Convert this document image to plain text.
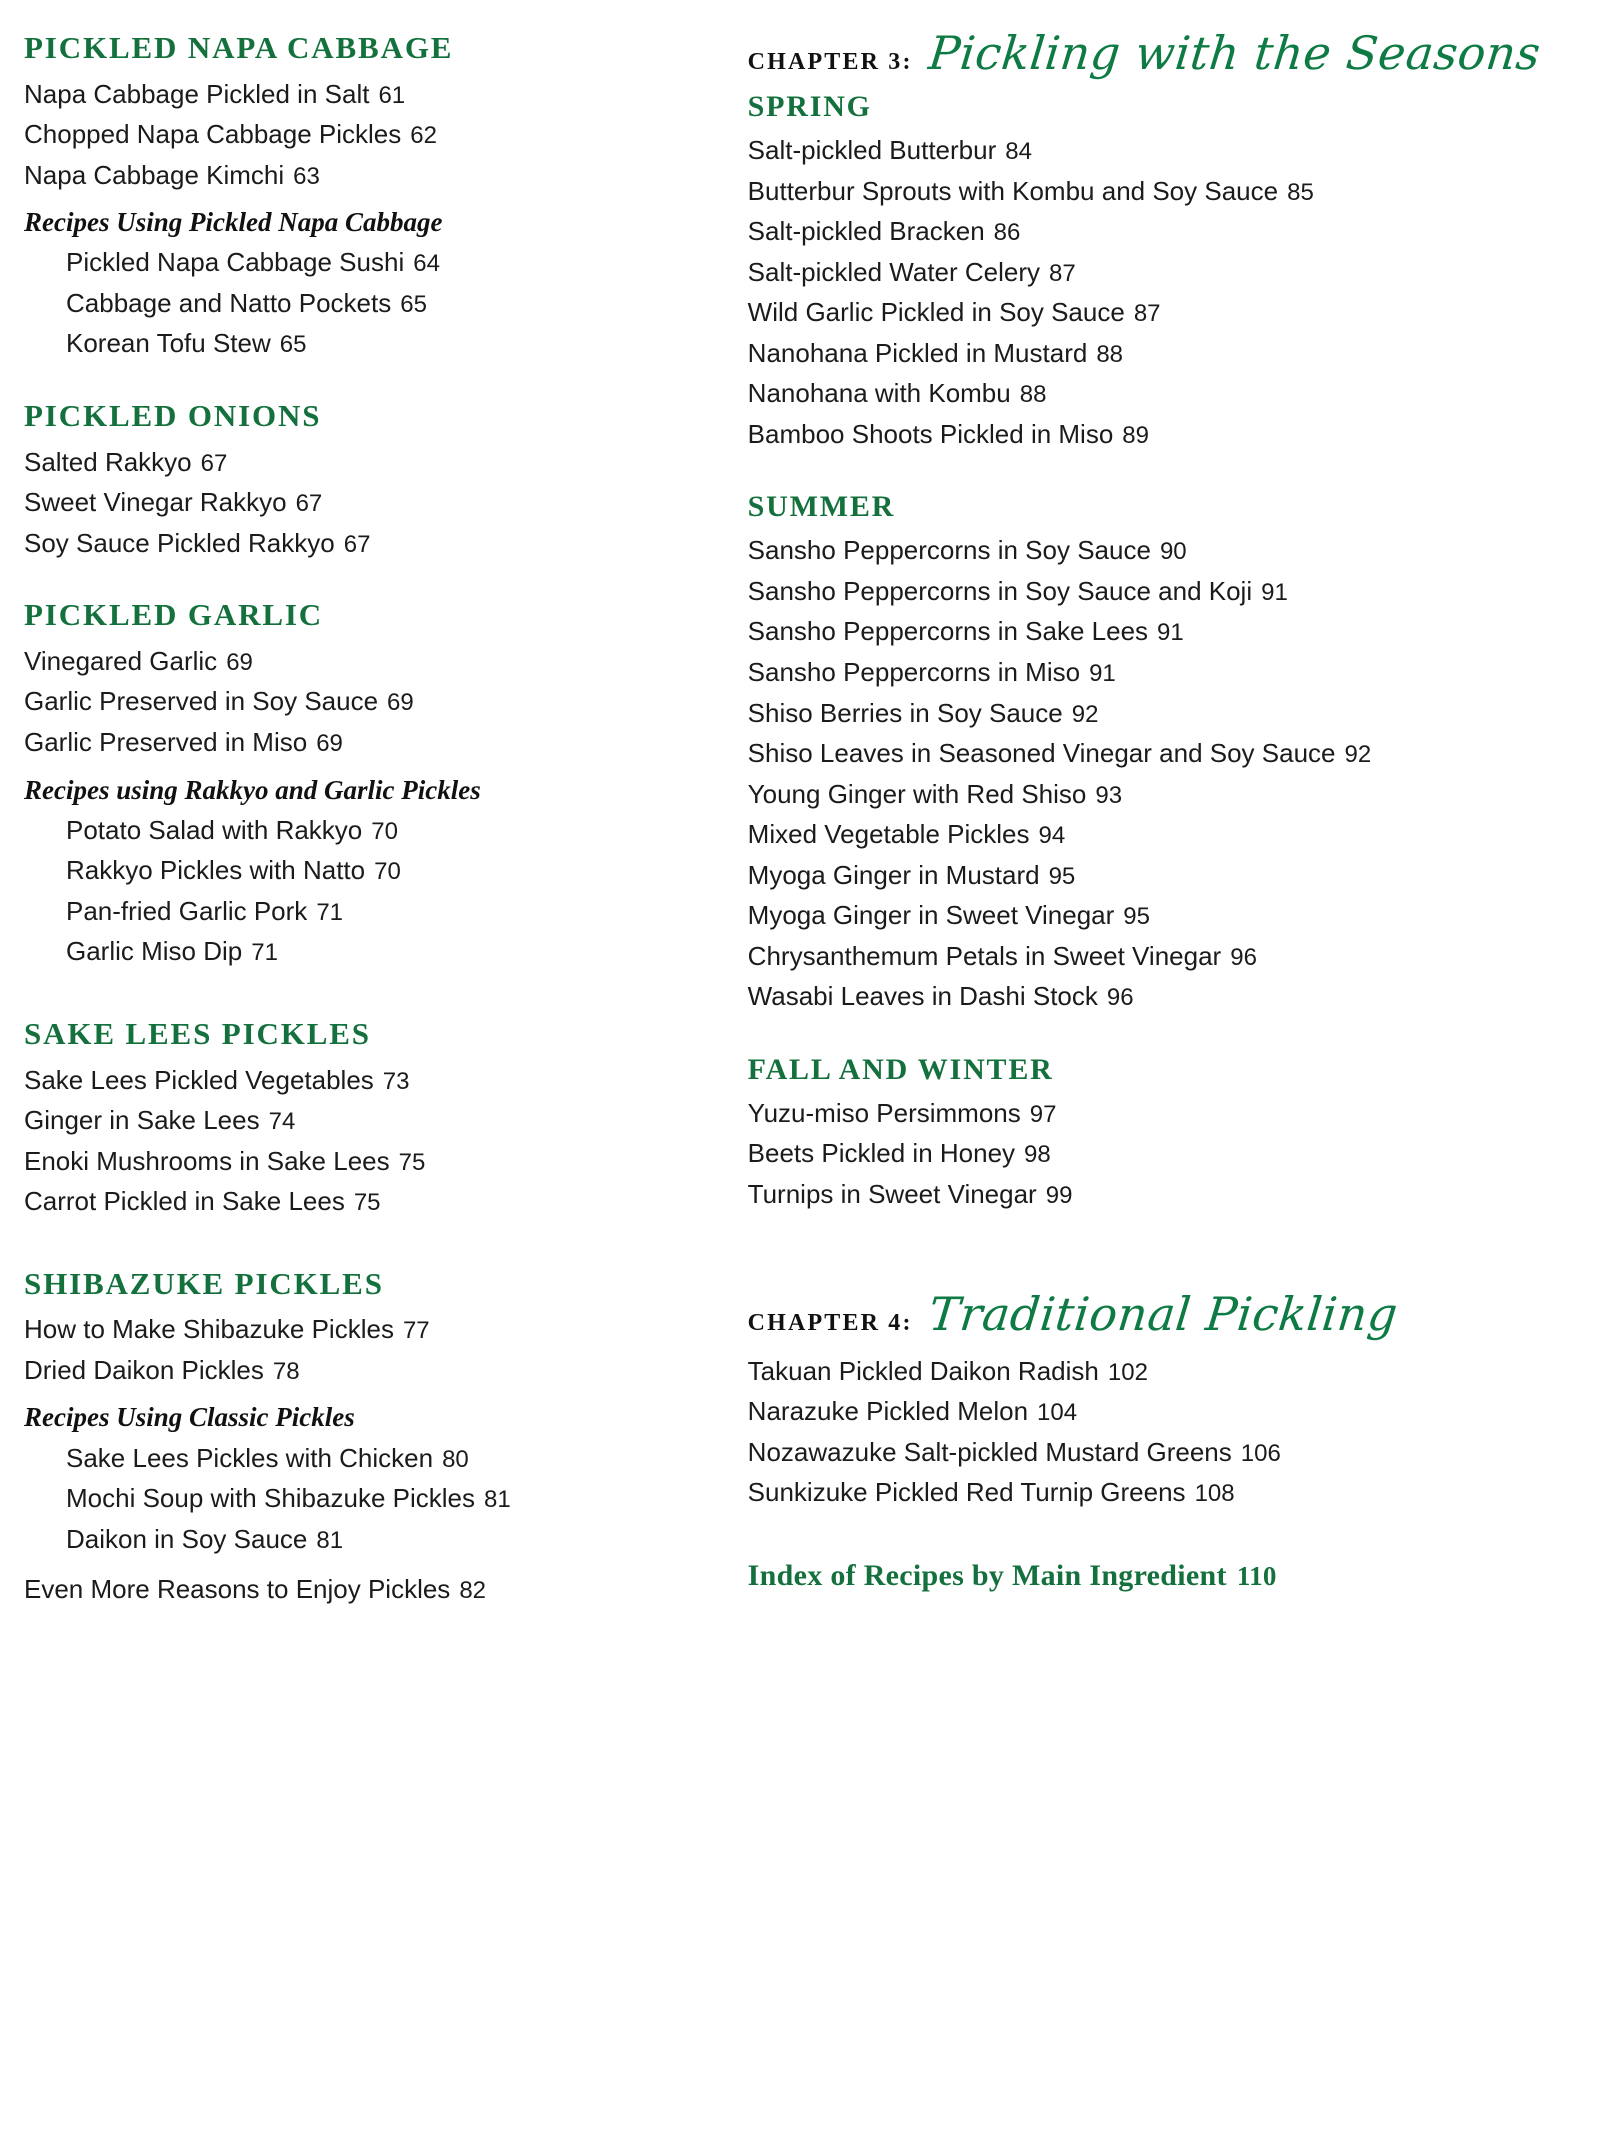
PICKLED NAPA CABBAGE
Napa Cabbage Pickled in Salt 61
Chopped Napa Cabbage Pickles 62
Napa Cabbage Kimchi 63
Recipes Using Pickled Napa Cabbage
Pickled Napa Cabbage Sushi 64
Cabbage and Natto Pockets 65
Korean Tofu Stew 65
PICKLED ONIONS
Salted Rakkyo 67
Sweet Vinegar Rakkyo 67
Soy Sauce Pickled Rakkyo 67
PICKLED GARLIC
Vinegared Garlic 69
Garlic Preserved in Soy Sauce 69
Garlic Preserved in Miso 69
Recipes using Rakkyo and Garlic Pickles
Potato Salad with Rakkyo 70
Rakkyo Pickles with Natto 70
Pan-fried Garlic Pork 71
Garlic Miso Dip 71
SAKE LEES PICKLES
Sake Lees Pickled Vegetables 73
Ginger in Sake Lees 74
Enoki Mushrooms in Sake Lees 75
Carrot Pickled in Sake Lees 75
SHIBAZUKE PICKLES
How to Make Shibazuke Pickles 77
Dried Daikon Pickles 78
Recipes Using Classic Pickles
Sake Lees Pickles with Chicken 80
Mochi Soup with Shibazuke Pickles 81
Daikon in Soy Sauce 81
Even More Reasons to Enjoy Pickles 82
CHAPTER 3: Pickling with the Seasons
SPRING
Salt-pickled Butterbur 84
Butterbur Sprouts with Kombu and Soy Sauce 85
Salt-pickled Bracken 86
Salt-pickled Water Celery 87
Wild Garlic Pickled in Soy Sauce 87
Nanohana Pickled in Mustard 88
Nanohana with Kombu 88
Bamboo Shoots Pickled in Miso 89
SUMMER
Sansho Peppercorns in Soy Sauce 90
Sansho Peppercorns in Soy Sauce and Koji 91
Sansho Peppercorns in Sake Lees 91
Sansho Peppercorns in Miso 91
Shiso Berries in Soy Sauce 92
Shiso Leaves in Seasoned Vinegar and Soy Sauce 92
Young Ginger with Red Shiso 93
Mixed Vegetable Pickles 94
Myoga Ginger in Mustard 95
Myoga Ginger in Sweet Vinegar 95
Chrysanthemum Petals in Sweet Vinegar 96
Wasabi Leaves in Dashi Stock 96
FALL AND WINTER
Yuzu-miso Persimmons 97
Beets Pickled in Honey 98
Turnips in Sweet Vinegar 99
CHAPTER 4: Traditional Pickling
Takuan Pickled Daikon Radish 102
Narazuke Pickled Melon 104
Nozawazuke Salt-pickled Mustard Greens 106
Sunkizuke Pickled Red Turnip Greens 108
Index of Recipes by Main Ingredient 110
